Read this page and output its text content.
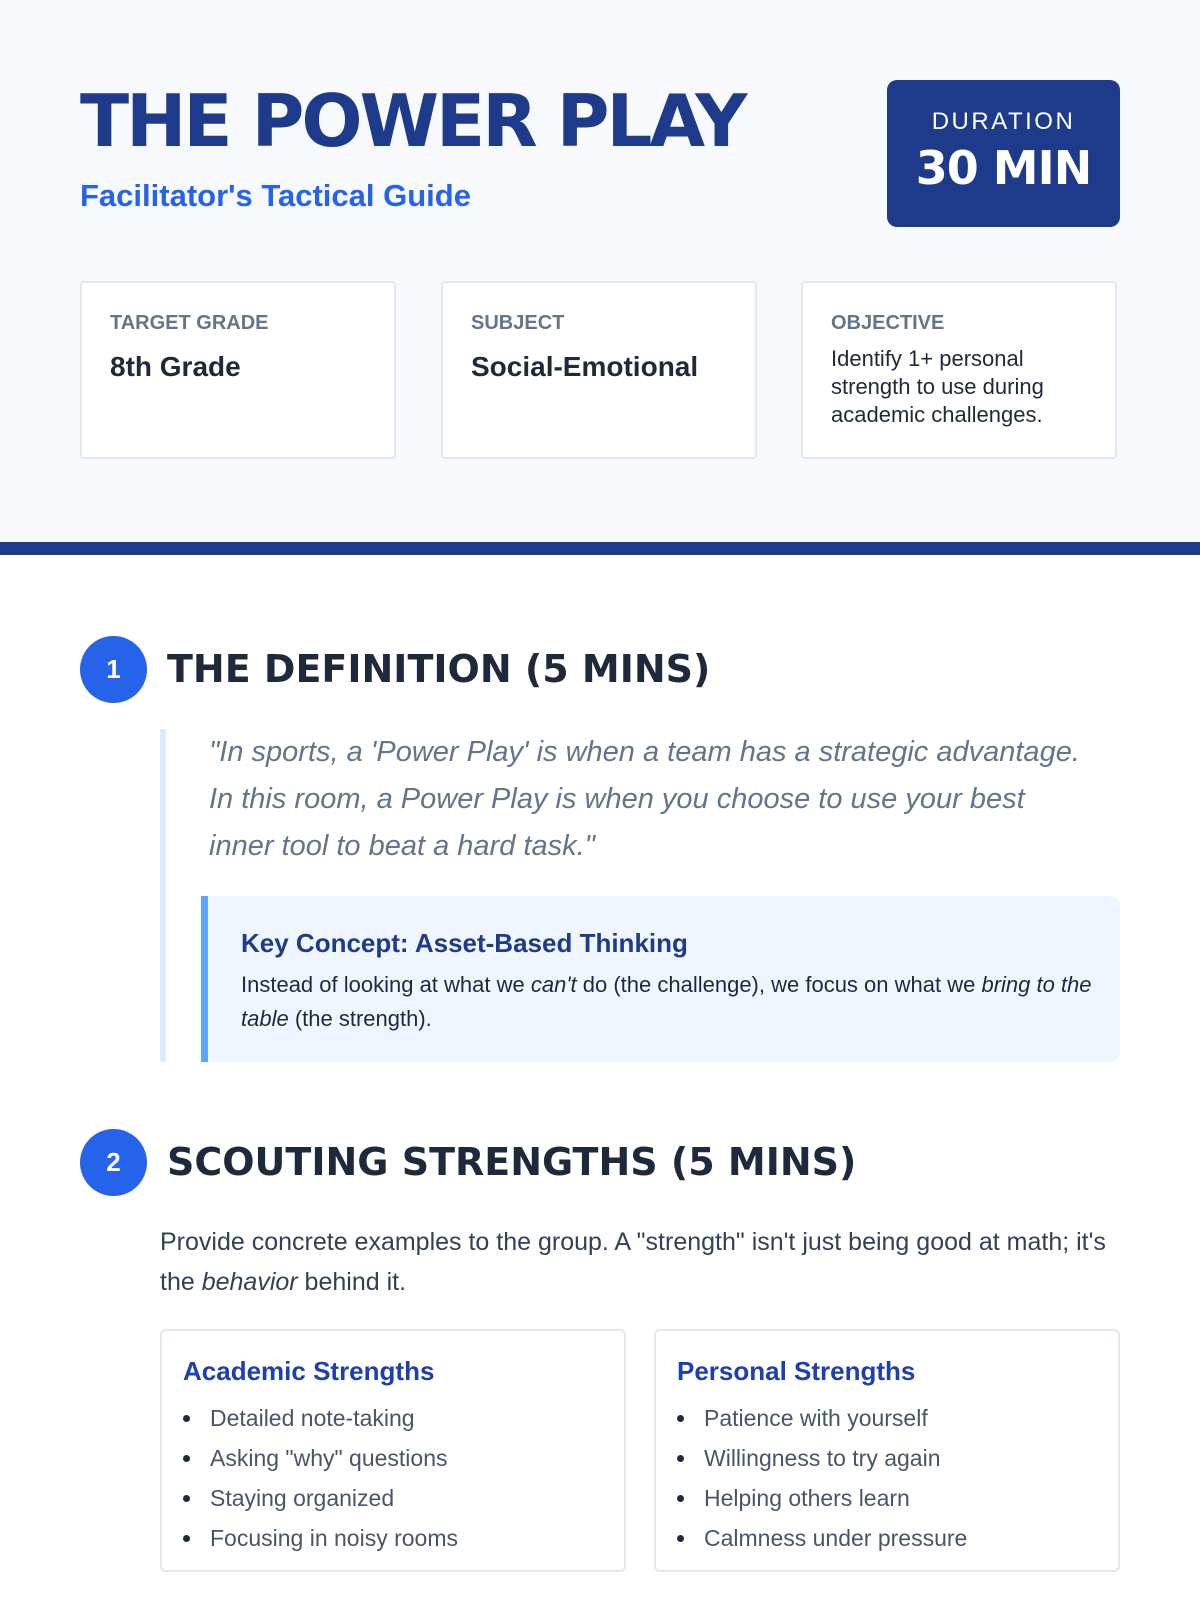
THE POWER PLAY
Facilitator's Tactical Guide
DURATION
30 MIN
TARGET GRADE
8th Grade
SUBJECT
Social-Emotional
OBJECTIVE
Identify 1+ personal strength to use during academic challenges.
1	THE DEFINITION (5 MINS)

"In sports, a 'Power Play' is when a team has a strategic advantage. In this room, a Power Play is when you choose to use your best inner tool to beat a hard task."

Key Concept: Asset-Based Thinking
Instead of looking at what we can't do (the challenge), we focus on what we bring to the table (the strength).
2	SCOUTING STRENGTHS (5 MINS)

Provide concrete examples to the group. A "strength" isn't just being good at math; it's the behavior behind it.

Academic Strengths
Detailed note-taking
Asking "why" questions
Staying organized
Focusing in noisy rooms
Personal Strengths
Patience with yourself
Willingness to try again
Helping others learn
Calmness under pressure
